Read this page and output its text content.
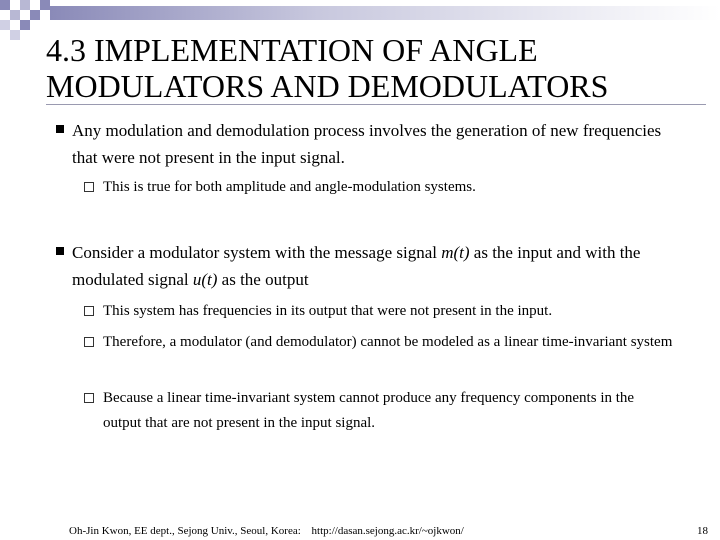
4.3 IMPLEMENTATION OF ANGLE MODULATORS AND DEMODULATORS
Any modulation and demodulation process involves the generation of new frequencies that were not present in the input signal.
This is true for both amplitude and angle-modulation systems.
Consider a modulator system with the message signal m(t) as the input and with the modulated signal u(t) as the output
This system has frequencies in its output that were not present in the input.
Therefore, a modulator (and demodulator) cannot be modeled as a linear time-invariant system
Because a linear time-invariant system cannot produce any frequency components in the output that are not present in the input signal.
Oh-Jin Kwon, EE dept., Sejong Univ., Seoul, Korea: http://dasan.sejong.ac.kr/~ojkwon/	18
